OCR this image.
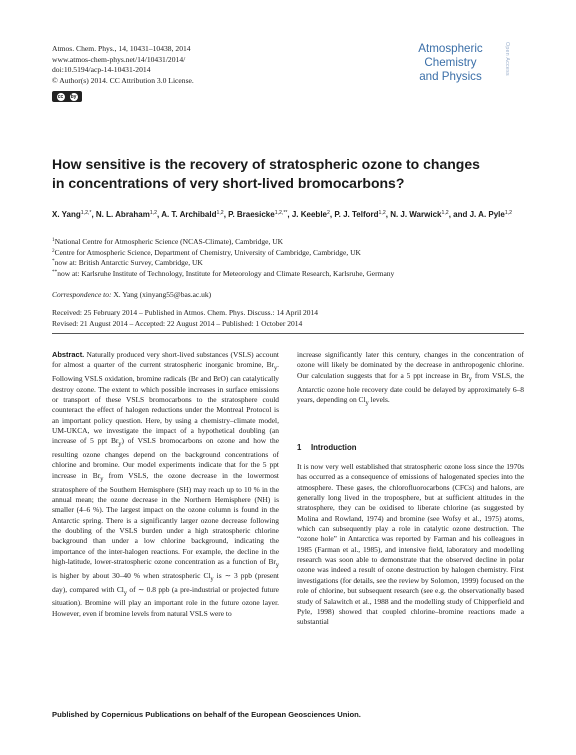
Atmos. Chem. Phys., 14, 10431–10438, 2014
www.atmos-chem-phys.net/14/10431/2014/
doi:10.5194/acp-14-10431-2014
© Author(s) 2014. CC Attribution 3.0 License.
cc by
Atmospheric
Chemistry
and Physics
Open Access
How sensitive is the recovery of stratospheric ozone to changes
in concentrations of very short-lived bromocarbons?
X. Yang$^{1,2,*}$, N. L. Abraham$^{1,2}$, A. T. Archibald$^{1,2}$, P. Braesicke$^{1,2,**}$, J. Keeble$^2$, P. J. Telford$^{1,2}$, N. J. Warwick$^{1,2}$, and J. A. Pyle$^{1,2}$
$^1$National Centre for Atmospheric Science (NCAS-Climate), Cambridge, UK
$^2$Centre for Atmospheric Science, Department of Chemistry, University of Cambridge, Cambridge, UK
*now at: British Antarctic Survey, Cambridge, UK
**now at: Karlsruhe Institute of Technology, Institute for Meteorology and Climate Research, Karlsruhe, Germany
Correspondence to: X. Yang (xinyang55@bas.ac.uk)
Received: 25 February 2014 – Published in Atmos. Chem. Phys. Discuss.: 14 April 2014
Revised: 21 August 2014 – Accepted: 22 August 2014 – Published: 1 October 2014

Abstract. Naturally produced very short-lived substances (VSLS) account for almost a quarter of the current stratospheric inorganic bromine, $Br_y$. Following VSLS oxidation, bromine radicals (Br and BrO) can catalytically destroy ozone. The extent to which possible increases in surface emissions or transport of these VSLS bromocarbons to the stratosphere could counteract the effect of halogen reductions under the Montreal Protocol is an important policy question. Here, by using a chemistry–climate model, UM-UKCA, we investigate the impact of a hypothetical doubling (an increase of 5 ppt $Br_y$) of VSLS bromocarbons on ozone and how the resulting ozone changes depend on the background concentrations of chlorine and bromine. Our model experiments indicate that for the 5 ppt increase in $Br_y$ from VSLS, the ozone decrease in the lowermost stratosphere of the Southern Hemisphere (SH) may reach up to 10 % in the annual mean; the ozone decrease in the Northern Hemisphere (NH) is smaller (4–6 %). The largest impact on the ozone column is found in the Antarctic spring. There is a significantly larger ozone decrease following the doubling of the VSLS burden under a high stratospheric chlorine background than under a low chlorine background, indicating the importance of the inter-halogen reactions. For example, the decline in the high-latitude, lower-stratospheric ozone concentration as a function of $Br_y$ is higher by about 30–40 % when stratospheric $Cl_y$ is ∼ 3 ppb (present day), compared with $Cl_y$ of ∼ 0.8 ppb (a pre-industrial or projected future situation). Bromine will play an important role in the future ozone layer. However, even if bromine levels from natural VSLS were to

increase significantly later this century, changes in the concentration of ozone will likely be dominated by the decrease in anthropogenic chlorine. Our calculation suggests that for a 5 ppt increase in $Br_y$ from VSLS, the Antarctic ozone hole recovery date could be delayed by approximately 6–8 years, depending on $Cl_y$ levels.

1 Introduction

It is now very well established that stratospheric ozone loss since the 1970s has occurred as a consequence of emissions of halogenated species into the atmosphere. These gases, the chlorofluorocarbons (CFCs) and halons, are generally long lived in the troposphere, but at sufficient altitudes in the stratosphere, they can be oxidised to liberate chlorine (as suggested by Molina and Rowland, 1974) and bromine (see Wofsy et al., 1975) atoms, which can subsequently play a role in catalytic ozone destruction. The “ozone hole” in Antarctica was reported by Farman and his colleagues in 1985 (Farman et al., 1985), and intensive field, laboratory and modelling research was soon able to demonstrate that the observed decline in polar ozone was indeed a result of ozone destruction by halogen chemistry. First investigations (for details, see the review by Solomon, 1999) focused on the role of chlorine, but subsequent research (see e.g. the observationally based study of Salawitch et al., 1988 and the modelling study of Chipperfield and Pyle, 1998) showed that coupled chlorine–bromine reactions made a substantial

Published by Copernicus Publications on behalf of the European Geosciences Union.
